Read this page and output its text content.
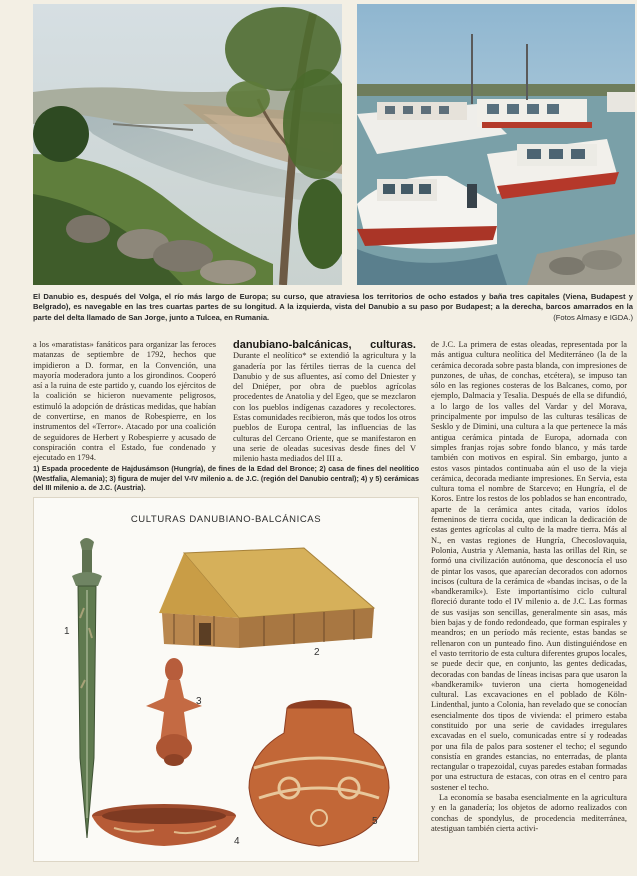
El Danubio es, después del Volga, el río más largo de Europa; su curso, que atraviesa los territorios de ocho estados y baña tres capitales (Viena, Budapest y Belgrado), es navegable en las tres cuartas partes de su longitud. A la izquierda, vista del Danubio a su paso por Budapest; a la derecha, barcos amarrados en la parte del delta llamado de San Jorge, junto a Tulcea, en Rumania.	(Fotos Almasy e IGDA.)

a los «maratistas» fanáticos para organizar las feroces matanzas de septiembre de 1792, hechos que impidieron a D. formar, en la Convención, una mayoría moderadora junto a los girondinos. Cooperó así a la ruina de este partido y, cuando los ejércitos de la coalición se hicieron nuevamente peligrosos, estimuló la adopción de drásticas medidas, que habían de convertirse, en manos de Robespierre, en los instrumentos del «Terror». Atacado por una coalición de seguidores de Herbert y Robespierre y acusado de conspiración contra el Estado, fue condenado y ejecutado en 1794.

danubiano-balcánicas, culturas. Durante el neolítico* se extendió la agricultura y la ganadería por las fértiles tierras de la cuenca del Danubio y de sus afluentes, así como del Dniester y del Dniéper, por obra de pueblos agrícolas procedentes de Anatolia y del Egeo, que se mezclaron con los pueblos indígenas cazadores y recolectores. Estas comunidades recibieron, más que todos los otros pueblos de Europa central, las influencias de las culturas del Cercano Oriente, que se manifestaron en una serie de oleadas sucesivas desde fines del V milenio hasta mediados del III a.

1) Espada procedente de Hajdusámson (Hungría), de fines de la Edad del Bronce; 2) casa de fines del neolítico (Westfalia, Alemania); 3) figura de mujer del V-IV milenio a. de J.C. (región del Danubio central); 4) y 5) cerámicas del III milenio a. de J.C. (Austria).
CULTURAS DANUBIANO-BALCÁNICAS
1
2
3
4
5

de J.C. La primera de estas oleadas, representada por la más antigua cultura neolítica del Mediterráneo (la de la cerámica decorada sobre pasta blanda, con impresiones de punzones, de uñas, de conchas, etcétera), se impuso tan sólo en las regiones costeras de los Balcanes, como, por ejemplo, Dalmacia y Tesalia. Después de ella se difundió, a lo largo de los valles del Vardar y del Morava, principalmente por impulso de las culturas tesálicas de Sesklo y de Dimini, una cultura a la que pertenece la más antigua cerámica pintada de Europa, adornada con simples franjas rojas sobre fondo blanco, y más tarde también con motivos en espiral. Sin embargo, junto a estos vasos pintados continuaba aún el uso de la vieja cerámica, decorada mediante impresiones. En Servia, esta cultura toma el nombre de Starcevo; en Hungría, el de Koros. Entre los restos de los poblados se han encontrado, aparte de la cerámica antes citada, varios ídolos femeninos de tierra cocida, que indican la dedicación de estas gentes agrícolas al culto de la madre tierra. Más al N., en vastas regiones de Hungría, Checoslovaquia, Polonia, Austria y Alemania, hasta las orillas del Rin, se formó una civilización autónoma, que desconocía el uso de pintar los vasos, que aparecían decorados con adornos incisos (cultura de la cerámica de «bandas incisas, o de la «bandkeramik»). Este importantísimo ciclo cultural floreció durante todo el IV milenio a. de J.C. Las formas de sus vasijas son sencillas, generalmente sin asas, más bien bajas y de fondo redondeado, que forman espirales y meandros; en un período más reciente, estas bandas se rellenaron con un punteado fino. Aun distinguiéndose en el vasto territorio de esta cultura diferentes grupos locales, se puede decir que, en conjunto, las gentes dedicadas, decoradas con bandas de líneas incisas para que usaron la «bandkeramik» tuvieron una cierta homogeneidad cultural. Las excavaciones en el poblado de Köln-Lindenthal, junto a Colonia, han revelado que se conocían esencialmente dos tipos de vivienda: el primero estaba constituido por una serie de cavidades irregulares excavadas en el suelo, comunicadas entre sí y rodeadas por una fila de palos para sostener el techo; el segundo consistía en grandes estancias, no enterradas, de planta rectangular o trapezoidal, cuyas paredes estaban formadas por una estructura de estacas, con otras en el centro para sostener el techo.

La economía se basaba esencialmente en la agricultura y en la ganadería; los objetos de adorno realizados con conchas de spondylus, de procedencia mediterránea, atestiguan también cierta activi-
